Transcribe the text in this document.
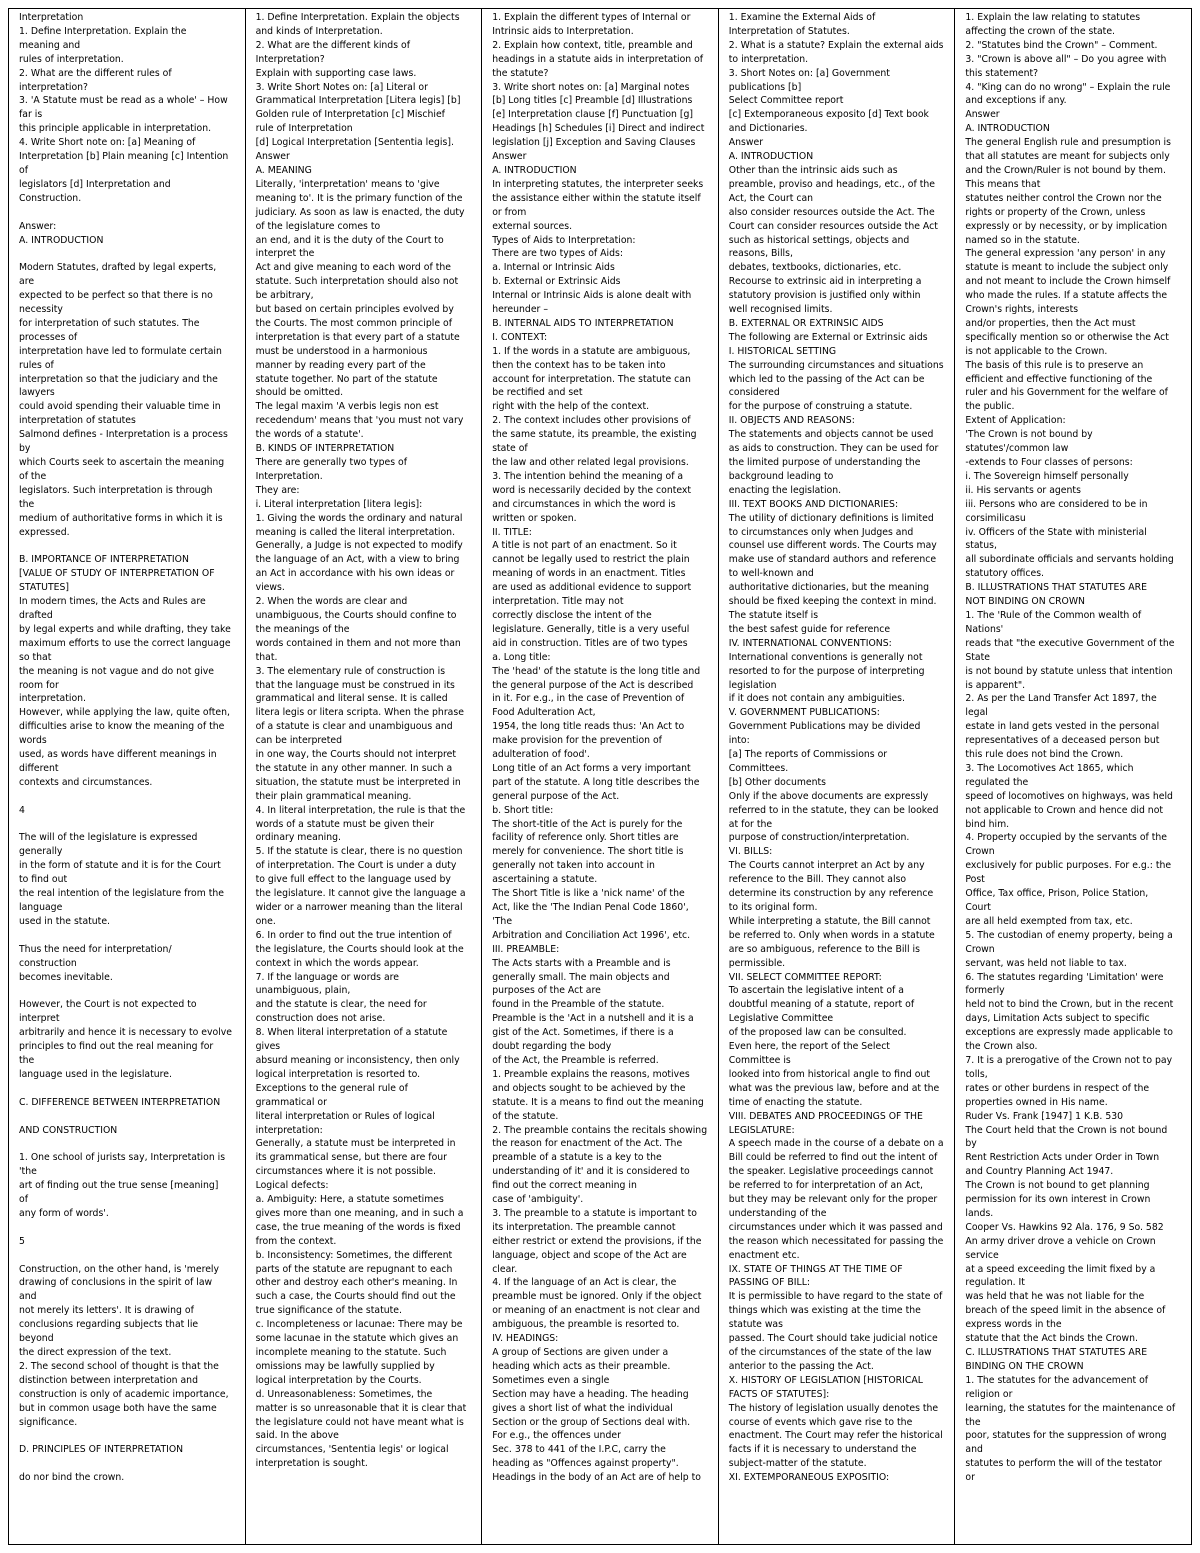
Interpretation
1. Define Interpretation. Explain the
meaning and
rules of interpretation.
2. What are the different rules of
interpretation?
3. 'A Statute must be read as a whole' – How
far is
this principle applicable in interpretation.
4. Write Short note on: [a] Meaning of
Interpretation [b] Plain meaning [c] Intention
of
legislators [d] Interpretation and
Construction.

Answer:
A. INTRODUCTION

Modern Statutes, drafted by legal experts,
are
expected to be perfect so that there is no
necessity
for interpretation of such statutes. The
processes of
interpretation have led to formulate certain
rules of
interpretation so that the judiciary and the
lawyers
could avoid spending their valuable time in
interpretation of statutes
Salmond defines - Interpretation is a process
by
which Courts seek to ascertain the meaning
of the
legislators. Such interpretation is through
the
medium of authoritative forms in which it is
expressed.

B. IMPORTANCE OF INTERPRETATION
[VALUE OF STUDY OF INTERPRETATION OF
STATUTES]
In modern times, the Acts and Rules are
drafted
by legal experts and while drafting, they take
maximum efforts to use the correct language
so that
the meaning is not vague and do not give
room for
interpretation.
However, while applying the law, quite often,
difficulties arise to know the meaning of the
words
used, as words have different meanings in
different
contexts and circumstances.

4

The will of the legislature is expressed
generally
in the form of statute and it is for the Court
to find out
the real intention of the legislature from the
language
used in the statute.

Thus the need for interpretation/
construction
becomes inevitable.

However, the Court is not expected to
interpret
arbitrarily and hence it is necessary to evolve
principles to find out the real meaning for
the
language used in the legislature.

C. DIFFERENCE BETWEEN INTERPRETATION

AND CONSTRUCTION

1. One school of jurists say, Interpretation is
'the
art of finding out the true sense [meaning]
of
any form of words'.

5

Construction, on the other hand, is 'merely
drawing of conclusions in the spirit of law
and
not merely its letters'. It is drawing of
conclusions regarding subjects that lie
beyond
the direct expression of the text.
2. The second school of thought is that the
distinction between interpretation and
construction is only of academic importance,
but in common usage both have the same
significance.

D. PRINCIPLES OF INTERPRETATION

do nor bind the crown.
1. Define Interpretation. Explain the objects
and kinds of Interpretation.
2. What are the different kinds of
Interpretation?
Explain with supporting case laws.
3. Write Short Notes on: [a] Literal or
Grammatical Interpretation [Litera legis] [b]
Golden rule of Interpretation [c] Mischief
rule of Interpretation
[d] Logical Interpretation [Sententia legis].
Answer
A. MEANING
Literally, 'interpretation' means to 'give
meaning to'. It is the primary function of the
judiciary. As soon as law is enacted, the duty
of the legislature comes to
an end, and it is the duty of the Court to
interpret the
Act and give meaning to each word of the
statute. Such interpretation should also not
be arbitrary,
but based on certain principles evolved by
the Courts. The most common principle of
interpretation is that every part of a statute
must be understood in a harmonious
manner by reading every part of the
statute together. No part of the statute
should be omitted.
The legal maxim 'A verbis legis non est
recedendum' means that 'you must not vary
the words of a statute'.
B. KINDS OF INTERPRETATION
There are generally two types of
Interpretation.
They are:
i. Literal interpretation [litera legis]:
1. Giving the words the ordinary and natural
meaning is called the literal interpretation.
Generally, a Judge is not expected to modify
the language of an Act, with a view to bring
an Act in accordance with his own ideas or
views.
2. When the words are clear and
unambiguous, the Courts should confine to
the meanings of the
words contained in them and not more than
that.
3. The elementary rule of construction is
that the language must be construed in its
grammatical and literal sense. It is called
litera legis or litera scripta. When the phrase
of a statute is clear and unambiguous and
can be interpreted
in one way, the Courts should not interpret
the statute in any other manner. In such a
situation, the statute must be interpreted in
their plain grammatical meaning.
4. In literal interpretation, the rule is that the
words of a statute must be given their
ordinary meaning.
5. If the statute is clear, there is no question
of interpretation. The Court is under a duty
to give full effect to the language used by
the legislature. It cannot give the language a
wider or a narrower meaning than the literal
one.
6. In order to find out the true intention of
the legislature, the Courts should look at the
context in which the words appear.
7. If the language or words are
unambiguous, plain,
and the statute is clear, the need for
construction does not arise.
8. When literal interpretation of a statute
gives
absurd meaning or inconsistency, then only
logical interpretation is resorted to.
Exceptions to the general rule of
grammatical or
literal interpretation or Rules of logical
interpretation:
Generally, a statute must be interpreted in
its grammatical sense, but there are four
circumstances where it is not possible.
Logical defects:
a. Ambiguity: Here, a statute sometimes
gives more than one meaning, and in such a
case, the true meaning of the words is fixed
from the context.
b. Inconsistency: Sometimes, the different
parts of the statute are repugnant to each
other and destroy each other's meaning. In
such a case, the Courts should find out the
true significance of the statute.
c. Incompleteness or lacunae: There may be
some lacunae in the statute which gives an
incomplete meaning to the statute. Such
omissions may be lawfully supplied by
logical interpretation by the Courts.
d. Unreasonableness: Sometimes, the
matter is so unreasonable that it is clear that
the legislature could not have meant what is
said. In the above
circumstances, 'Sententia legis' or logical
interpretation is sought.
1. Explain the different types of Internal or
Intrinsic aids to Interpretation.
2. Explain how context, title, preamble and
headings in a statute aids in interpretation of
the statute?
3. Write short notes on: [a] Marginal notes
[b] Long titles [c] Preamble [d] Illustrations
[e] Interpretation clause [f] Punctuation [g]
Headings [h] Schedules [i] Direct and indirect
legislation [j] Exception and Saving Clauses
Answer
A. INTRODUCTION
In interpreting statutes, the interpreter seeks
the assistance either within the statute itself
or from
external sources.
Types of Aids to Interpretation:
There are two types of Aids:
a. Internal or Intrinsic Aids
b. External or Extrinsic Aids
Internal or Intrinsic Aids is alone dealt with
hereunder –
B. INTERNAL AIDS TO INTERPRETATION
I. CONTEXT:
1. If the words in a statute are ambiguous,
then the context has to be taken into
account for interpretation. The statute can
be rectified and set
right with the help of the context.
2. The context includes other provisions of
the same statute, its preamble, the existing
state of
the law and other related legal provisions.
3. The intention behind the meaning of a
word is necessarily decided by the context
and circumstances in which the word is
written or spoken.
II. TITLE:
A title is not part of an enactment. So it
cannot be legally used to restrict the plain
meaning of words in an enactment. Titles
are used as additional evidence to support
interpretation. Title may not
correctly disclose the intent of the
legislature. Generally, title is a very useful
aid in construction. Titles are of two types
a. Long title:
The 'head' of the statute is the long title and
the general purpose of the Act is described
in it. For e.g., in the case of Prevention of
Food Adulteration Act,
1954, the long title reads thus: 'An Act to
make provision for the prevention of
adulteration of food'.
Long title of an Act forms a very important
part of the statute. A long title describes the
general purpose of the Act.
b. Short title:
The short-title of the Act is purely for the
facility of reference only. Short titles are
merely for convenience. The short title is
generally not taken into account in
ascertaining a statute.
The Short Title is like a 'nick name' of the
Act, like the 'The Indian Penal Code 1860',
'The
Arbitration and Conciliation Act 1996', etc.
III. PREAMBLE:
The Acts starts with a Preamble and is
generally small. The main objects and
purposes of the Act are
found in the Preamble of the statute.
Preamble is the 'Act in a nutshell and it is a
gist of the Act. Sometimes, if there is a
doubt regarding the body
of the Act, the Preamble is referred.
1. Preamble explains the reasons, motives
and objects sought to be achieved by the
statute. It is a means to find out the meaning
of the statute.
2. The preamble contains the recitals showing
the reason for enactment of the Act. The
preamble of a statute is a key to the
understanding of it' and it is considered to
find out the correct meaning in
case of 'ambiguity'.
3. The preamble to a statute is important to
its interpretation. The preamble cannot
either restrict or extend the provisions, if the
language, object and scope of the Act are
clear.
4. If the language of an Act is clear, the
preamble must be ignored. Only if the object
or meaning of an enactment is not clear and
ambiguous, the preamble is resorted to.
IV. HEADINGS:
A group of Sections are given under a
heading which acts as their preamble.
Sometimes even a single
Section may have a heading. The heading
gives a short list of what the individual
Section or the group of Sections deal with.
For e.g., the offences under
Sec. 378 to 441 of the I.P.C, carry the
heading as "Offences against property".
Headings in the body of an Act are of help to
1. Examine the External Aids of
Interpretation of Statutes.
2. What is a statute? Explain the external aids
to interpretation.
3. Short Notes on: [a] Government
publications [b]
Select Committee report
[c] Extemporaneous exposito [d] Text book
and Dictionaries.
Answer
A. INTRODUCTION
Other than the intrinsic aids such as
preamble, proviso and headings, etc., of the
Act, the Court can
also consider resources outside the Act. The
Court can consider resources outside the Act
such as historical settings, objects and
reasons, Bills,
debates, textbooks, dictionaries, etc.
Recourse to extrinsic aid in interpreting a
statutory provision is justified only within
well recognised limits.
B. EXTERNAL OR EXTRINSIC AIDS
The following are External or Extrinsic aids
I. HISTORICAL SETTING
The surrounding circumstances and situations
which led to the passing of the Act can be
considered
for the purpose of construing a statute.
II. OBJECTS AND REASONS:
The statements and objects cannot be used
as aids to construction. They can be used for
the limited purpose of understanding the
background leading to
enacting the legislation.
III. TEXT BOOKS AND DICTIONARIES:
The utility of dictionary definitions is limited
to circumstances only when Judges and
counsel use different words. The Courts may
make use of standard authors and reference
to well-known and
authoritative dictionaries, but the meaning
should be fixed keeping the context in mind.
The statute itself is
the best safest guide for reference
IV. INTERNATIONAL CONVENTIONS:
International conventions is generally not
resorted to for the purpose of interpreting
legislation
if it does not contain any ambiguities.
V. GOVERNMENT PUBLICATIONS:
Government Publications may be divided
into:
[a] The reports of Commissions or
Committees.
[b] Other documents
Only if the above documents are expressly
referred to in the statute, they can be looked
at for the
purpose of construction/interpretation.
VI. BILLS:
The Courts cannot interpret an Act by any
reference to the Bill. They cannot also
determine its construction by any reference
to its original form.
While interpreting a statute, the Bill cannot
be referred to. Only when words in a statute
are so ambiguous, reference to the Bill is
permissible.
VII. SELECT COMMITTEE REPORT:
To ascertain the legislative intent of a
doubtful meaning of a statute, report of
Legislative Committee
of the proposed law can be consulted.
Even here, the report of the Select
Committee is
looked into from historical angle to find out
what was the previous law, before and at the
time of enacting the statute.
VIII. DEBATES AND PROCEEDINGS OF THE
LEGISLATURE:
A speech made in the course of a debate on a
Bill could be referred to find out the intent of
the speaker. Legislative proceedings cannot
be referred to for interpretation of an Act,
but they may be relevant only for the proper
understanding of the
circumstances under which it was passed and
the reason which necessitated for passing the
enactment etc.
IX. STATE OF THINGS AT THE TIME OF
PASSING OF BILL:
It is permissible to have regard to the state of
things which was existing at the time the
statute was
passed. The Court should take judicial notice
of the circumstances of the state of the law
anterior to the passing the Act.
X. HISTORY OF LEGISLATION [HISTORICAL
FACTS OF STATUTES]:
The history of legislation usually denotes the
course of events which gave rise to the
enactment. The Court may refer the historical
facts if it is necessary to understand the
subject-matter of the statute.
XI. EXTEMPORANEOUS EXPOSITIO:
1. Explain the law relating to statutes
affecting the crown of the state.
2. "Statutes bind the Crown" – Comment.
3. "Crown is above all" – Do you agree with
this statement?
4. "King can do no wrong" – Explain the rule
and exceptions if any.
Answer
A. INTRODUCTION
The general English rule and presumption is
that all statutes are meant for subjects only
and the Crown/Ruler is not bound by them.
This means that
statutes neither control the Crown nor the
rights or property of the Crown, unless
expressly or by necessity, or by implication
named so in the statute.
The general expression 'any person' in any
statute is meant to include the subject only
and not meant to include the Crown himself
who made the rules. If a statute affects the
Crown's rights, interests
and/or properties, then the Act must
specifically mention so or otherwise the Act
is not applicable to the Crown.
The basis of this rule is to preserve an
efficient and effective functioning of the
ruler and his Government for the welfare of
the public.
Extent of Application:
'The Crown is not bound by
statutes'/common law
-extends to Four classes of persons:
i. The Sovereign himself personally
ii. His servants or agents
iii. Persons who are considered to be in
corsimilicasu
iv. Officers of the State with ministerial
status,
all subordinate officials and servants holding
statutory offices.
B. ILLUSTRATIONS THAT STATUTES ARE
NOT BINDING ON CROWN
1. The 'Rule of the Common wealth of
Nations'
reads that "the executive Government of the
State
is not bound by statute unless that intention
is apparent".
2. As per the Land Transfer Act 1897, the
legal
estate in land gets vested in the personal
representatives of a deceased person but
this rule does not bind the Crown.
3. The Locomotives Act 1865, which
regulated the
speed of locomotives on highways, was held
not applicable to Crown and hence did not
bind him.
4. Property occupied by the servants of the
Crown
exclusively for public purposes. For e.g.: the
Post
Office, Tax office, Prison, Police Station,
Court
are all held exempted from tax, etc.
5. The custodian of enemy property, being a
Crown
servant, was held not liable to tax.
6. The statutes regarding 'Limitation' were
formerly
held not to bind the Crown, but in the recent
days, Limitation Acts subject to specific
exceptions are expressly made applicable to
the Crown also.
7. It is a prerogative of the Crown not to pay
tolls,
rates or other burdens in respect of the
properties owned in His name.
Ruder Vs. Frank [1947] 1 K.B. 530
The Court held that the Crown is not bound
by
Rent Restriction Acts under Order in Town
and Country Planning Act 1947.
The Crown is not bound to get planning
permission for its own interest in Crown
lands.
Cooper Vs. Hawkins 92 Ala. 176, 9 So. 582
An army driver drove a vehicle on Crown
service
at a speed exceeding the limit fixed by a
regulation. It
was held that he was not liable for the
breach of the speed limit in the absence of
express words in the
statute that the Act binds the Crown.
C. ILLUSTRATIONS THAT STATUTES ARE
BINDING ON THE CROWN
1. The statutes for the advancement of
religion or
learning, the statutes for the maintenance of
the
poor, statutes for the suppression of wrong
and
statutes to perform the will of the testator
or
